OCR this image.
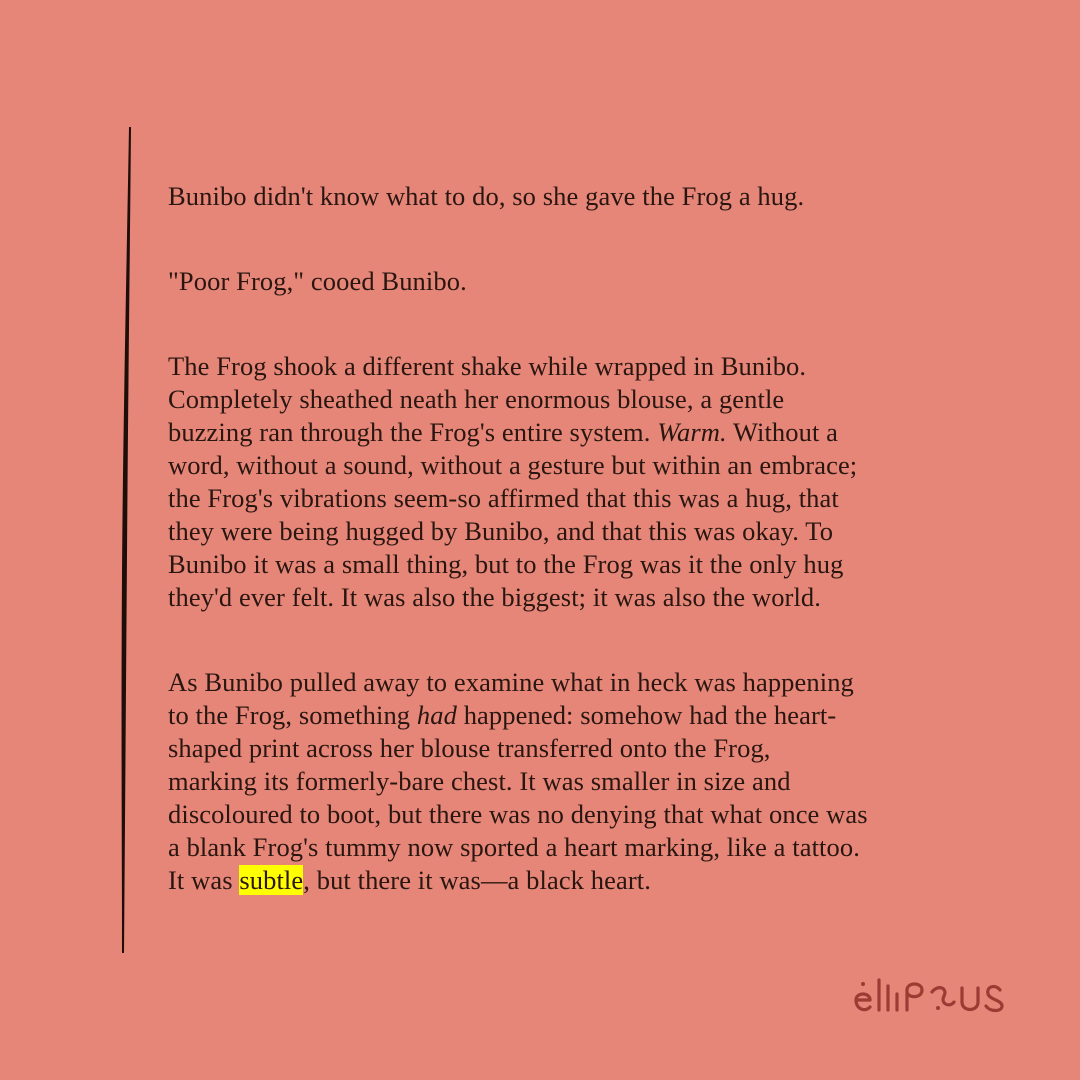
Bunibo didn't know what to do, so she gave the Frog a hug.

"Poor Frog," cooed Bunibo.

The Frog shook a different shake while wrapped in Bunibo.
Completely sheathed neath her enormous blouse, a gentle
buzzing ran through the Frog's entire system. Warm. Without a
word, without a sound, without a gesture but within an embrace;
the Frog's vibrations seem-so affirmed that this was a hug, that
they were being hugged by Bunibo, and that this was okay. To
Bunibo it was a small thing, but to the Frog was it the only hug
they'd ever felt. It was also the biggest; it was also the world.

As Bunibo pulled away to examine what in heck was happening
to the Frog, something had happened: somehow had the heart-
shaped print across her blouse transferred onto the Frog,
marking its formerly-bare chest. It was smaller in size and
discoloured to boot, but there was no denying that what once was
a blank Frog's tummy now sported a heart marking, like a tattoo.
It was subtle, but there it was—a black heart.
